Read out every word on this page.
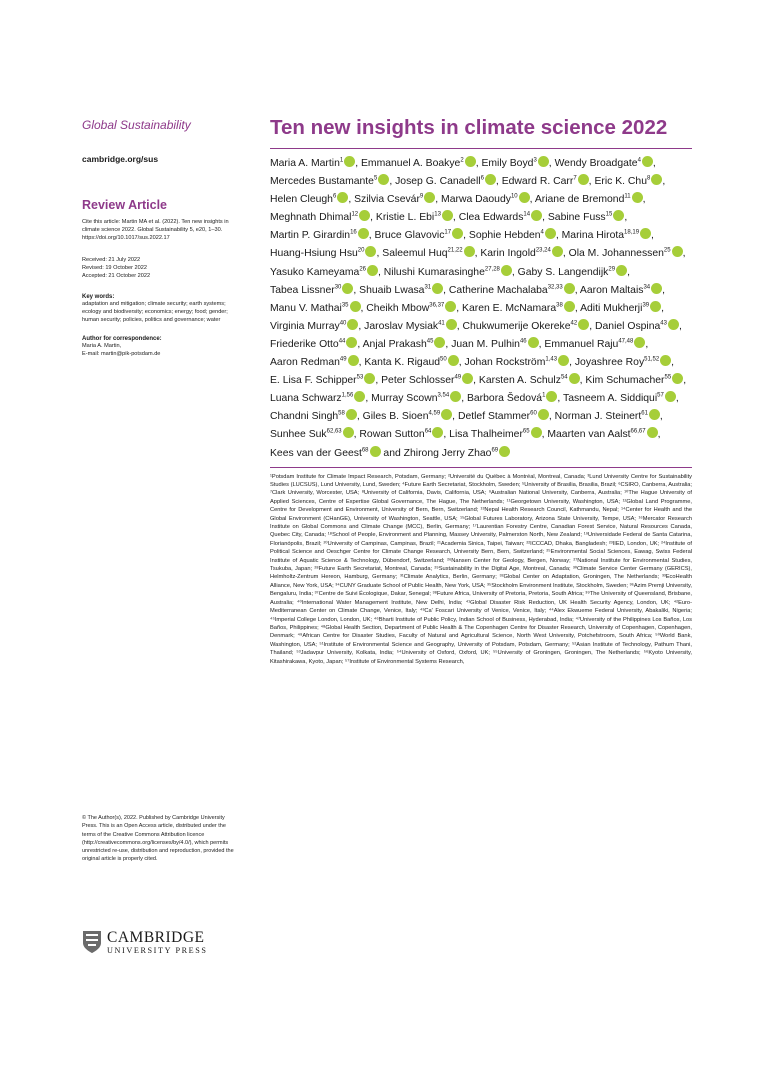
Global Sustainability

cambridge.org/sus
Review Article
Cite this article: Martin MA et al. (2022). Ten new insights in climate science 2022. Global Sustainability 5, e20, 1–30. https://doi.org/10.1017/sus.2022.17
Received: 21 July 2022
Revised: 19 October 2022
Accepted: 21 October 2022
Key words:
adaptation and mitigation; climate security; earth systems; ecology and biodiversity; economics; energy; food; gender; human security; policies, politics and governance; water
Author for correspondence:
Maria A. Martin,
E-mail: martin@pik-potsdam.de
© The Author(s), 2022. Published by Cambridge University Press. This is an Open Access article, distributed under the terms of the Creative Commons Attribution licence (http://creativecommons.org/licenses/by/4.0/), which permits unrestricted re-use, distribution and reproduction, provided the original article is properly cited.
CAMBRIDGE
UNIVERSITY PRESS
Ten new insights in climate science 2022
Maria A. Martin$^1$ , Emmanuel A. Boakye$^2$ , Emily Boyd$^3$ , Wendy Broadgate$^4$ , Mercedes Bustamante$^5$ , Josep G. Canadell$^6$ , Edward R. Carr$^7$ , Eric K. Chu$^8$ , Helen Cleugh$^6$ , Szilvia Csevár$^9$ , Marwa Daoudy$^{10}$ , Ariane de Bremond$^{11}$ , Meghnath Dhimal$^{12}$ , Kristie L. Ebi$^{13}$ , Clea Edwards$^{14}$ , Sabine Fuss$^{15}$ , Martin P. Girardin$^{16}$ , Bruce Glavovic$^{17}$ , Sophie Hebden$^4$ , Marina Hirota$^{18,19}$ , Huang-Hsiung Hsu$^{20}$ , Saleemul Huq$^{21,22}$ , Karin Ingold$^{23,24}$ , Ola M. Johannessen$^{25}$ , Yasuko Kameyama$^{26}$ , Nilushi Kumarasinghe$^{27,28}$ , Gaby S. Langendijk$^{29}$ , Tabea Lissner$^{30}$ , Shuaib Lwasa$^{31}$ , Catherine Machalaba$^{32,33}$ , Aaron Maltais$^{34}$ , Manu V. Mathai$^{35}$ , Cheikh Mbow$^{36,37}$ , Karen E. McNamara$^{38}$ , Aditi Mukherji$^{39}$ , Virginia Murray$^{40}$ , Jaroslav Mysiak$^{41}$ , Chukwumerije Okereke$^{42}$ , Daniel Ospina$^{43}$ , Friederike Otto$^{44}$ , Anjal Prakash$^{45}$ , Juan M. Pulhin$^{46}$ , Emmanuel Raju$^{47,48}$ , Aaron Redman$^{49}$ , Kanta K. Rigaud$^{50}$ , Johan Rockström$^{1,43}$ , Joyashree Roy$^{51,52}$ , E. Lisa F. Schipper$^{53}$ , Peter Schlosser$^{49}$ , Karsten A. Schulz$^{54}$ , Kim Schumacher$^{55}$ , Luana Schwarz$^{1,56}$ , Murray Scown$^{3,54}$ , Barbora Šedová$^1$ , Tasneem A. Siddiqui$^{57}$ , Chandni Singh$^{58}$ , Giles B. Sioen$^{4,59}$ , Detlef Stammer$^{60}$ , Norman J. Steinert$^{61}$ , Sunhee Suk$^{62,63}$ , Rowan Sutton$^{64}$ , Lisa Thalheimer$^{65}$ , Maarten van Aalst$^{66,67}$ , Kees van der Geest$^{68}$ and Zhirong Jerry Zhao$^{69}$
¹Potsdam Institute for Climate Impact Research, Potsdam, Germany; ²Université du Québec à Montréal, Montreal, Canada; ³Lund University Centre for Sustainability Studies (LUCSUS), Lund University, Lund, Sweden; ⁴Future Earth Secretariat, Stockholm, Sweden; ⁵University of Brasilia, Brasilia, Brazil; ⁶CSIRO, Canberra, Australia; ⁷Clark University, Worcester, USA; ⁸University of California, Davis, California, USA; ⁹Australian National University, Canberra, Australia; ¹⁰The Hague University of Applied Sciences, Centre of Expertise Global Governance, The Hague, The Netherlands; ¹¹Georgetown University, Washington, USA; ¹²Global Land Programme, Centre for Development and Environment, University of Bern, Bern, Switzerland; ¹³Nepal Health Research Council, Kathmandu, Nepal; ¹⁴Center for Health and the Global Environment (CHanGE), University of Washington, Seattle, USA; ¹⁵Global Futures Laboratory, Arizona State University, Tempe, USA; ¹⁶Mercator Research Institute on Global Commons and Climate Change (MCC), Berlin, Germany; ¹⁷Laurentian Forestry Centre, Canadian Forest Service, Natural Resources Canada, Quebec City, Canada; ¹⁸School of People, Environment and Planning, Massey University, Palmerston North, New Zealand; ¹⁹Universidade Federal de Santa Catarina, Florianópolis, Brazil; ²⁰University of Campinas, Campinas, Brazil; ²¹Academia Sinica, Taipei, Taiwan; ²²ICCCAD, Dhaka, Bangladesh; ²³IIED, London, UK; ²⁴Institute of Political Science and Oeschger Centre for Climate Change Research, University Bern, Bern, Switzerland; ²⁵Environmental Social Sciences, Eawag, Swiss Federal Institute of Aquatic Science & Technology, Dübendorf, Switzerland; ²⁶Nansen Center for Geology, Bergen, Norway; ²⁷National Institute for Environmental Studies, Tsukuba, Japan; ²⁸Future Earth Secretariat, Montreal, Canada; ²⁹Sustainability in the Digital Age, Montreal, Canada; ³⁰Climate Service Center Germany (GERICS), Helmholtz-Zentrum Hereon, Hamburg, Germany; ³¹Climate Analytics, Berlin, Germany; ³²Global Center on Adaptation, Groningen, The Netherlands; ³³EcoHealth Alliance, New York, USA; ³⁴CUNY Graduate School of Public Health, New York, USA; ³⁵Stockholm Environment Institute, Stockholm, Sweden; ³⁶Azim Premji University, Bengaluru, India; ³⁷Centre de Suivi Écologique, Dakar, Senegal; ³⁸Future Africa, University of Pretoria, Pretoria, South Africa; ³⁹The University of Queensland, Brisbane, Australia; ⁴⁰International Water Management Institute, New Delhi, India; ⁴¹Global Disaster Risk Reduction, UK Health Security Agency, London, UK; ⁴²Euro-Mediterranean Center on Climate Change, Venice, Italy; ⁴³Ca' Foscari University of Venice, Venice, Italy; ⁴⁴Alex Ekwueme Federal University, Abakaliki, Nigeria; ⁴⁵Imperial College London, London, UK; ⁴⁶Bharti Institute of Public Policy, Indian School of Business, Hyderabad, India; ⁴⁷University of the Philippines Los Baños, Los Baños, Philippines; ⁴⁸Global Health Section, Department of Public Health & The Copenhagen Centre for Disaster Research, University of Copenhagen, Copenhagen, Denmark; ⁴⁹African Centre for Disaster Studies, Faculty of Natural and Agricultural Science, North West University, Potchefstroom, South Africa; ⁵⁰World Bank, Washington, USA; ⁵¹Institute of Environmental Science and Geography, University of Potsdam, Potsdam, Germany; ⁵²Asian Institute of Technology, Pathum Thani, Thailand; ⁵³Jadavpur University, Kolkata, India; ⁵⁴University of Oxford, Oxford, UK; ⁵⁵University of Groningen, Groningen, The Netherlands; ⁵⁶Kyoto University, Kitashirakawa, Kyoto, Japan; ⁵⁷Institute of Environmental Systems Research,
